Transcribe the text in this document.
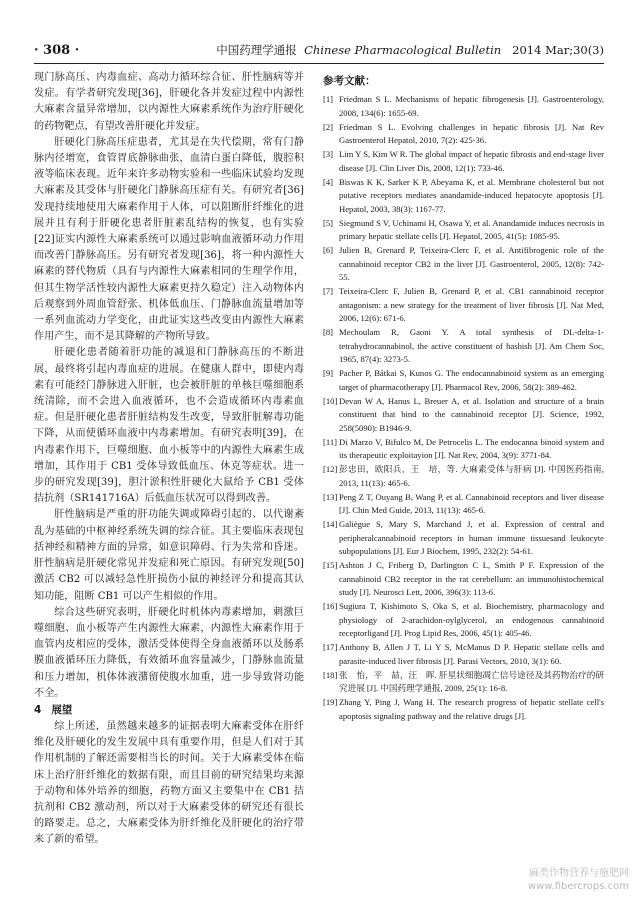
· 308 ·	中国药理学通报 Chinese Pharmacological Bulletin 2014 Mar;30(3)

现门脉高压、内毒血症、高动力循环综合征、肝性脑病等并发症。有学者研究发现[36]，肝硬化各并发症过程中内源性大麻素含量异常增加，以内源性大麻素系统作为治疗肝硬化的药物靶点，有望改善肝硬化并发症。

肝硬化门脉高压症患者，尤其是在失代偿期，常有门静脉内径增宽，食管胃底静脉曲张，血清白蛋白降低，腹腔积液等临床表现。近年来许多动物实验和一些临床试验均发现大麻素及其受体与肝硬化门静脉高压症有关。有研究者[36]发现持续地使用大麻素作用于人体，可以阻断肝纤维化的进展并且有利于肝硬化患者肝脏素乱结构的恢复，也有实验[22]证实内源性大麻素系统可以通过影响血液循环动力作用而改善门静脉高压。另有研究者发现[36]，将一种内源性大麻素的替代物质（具有与内源性大麻素相同的生理学作用，但其生物学活性较内源性大麻素更持久稳定）注入动物体内后观察到外周血管舒张、机体低血压、门静脉血流量增加等一系列血流动力学变化，由此证实这些改变由内源性大麻素作用产生，而不是其降解的产物所导致。

肝硬化患者随着肝功能的减退和门静脉高压的不断进展，最终将引起内毒血症的进展。在健康人群中，即使内毒素有可能经门静脉进入肝脏，也会被肝脏的单核巨噬细胞系统清除，而不会进入血液循环，也不会造成循环内毒素血症。但是肝硬化患者肝脏结构发生改变，导致肝脏解毒功能下降，从而使循环血液中内毒素增加。有研究表明[39]，在内毒素作用下，巨噬细胞、血小板等中的内源性大麻素生成增加，其作用于 CB1 受体导致低血压、休克等症状。进一步的研究发现[39]，胆汁淤积性肝硬化大鼠给予 CB1 受体拮抗剂（SR141716A）后低血压状况可以得到改善。

肝性脑病是严重的肝功能失调或障碍引起的、以代谢紊乱为基础的中枢神经系统失调的综合征。其主要临床表现包括神经和精神方面的异常，如意识障碍、行为失常和昏迷。肝性脑病是肝硬化常见并发症和死亡原因。有研究发现[50]激活 CB2 可以减轻急性肝损伤小鼠的神经评分和提高其认知功能，阻断 CB1 可以产生相似的作用。

综合这些研究表明，肝硬化时机体内毒素增加，刺激巨噬细胞、血小板等产生内源性大麻素，内源性大麻素作用于血管内皮相应的受体，激活受体使得全身血液循环以及肠系膜血液循环压力降低，有效循环血容量减少，门静脉血流量和压力增加，机体体液潴留使腹水加重，进一步导致肾功能不全。

4 展望

综上所述，虽然越来越多的证据表明大麻素受体在肝纤维化及肝硬化的发生发展中具有重要作用，但是人们对于其作用机制的了解还需要相当长的时间。关于大麻素受体在临床上治疗肝纤维化的数据有限，而且目前的研究结果均来源于动物和体外培养的细胞，药物方面又主要集中在 CB1 拮抗剂和 CB2 激动剂，所以对于大麻素受体的研究还有很长的路要走。总之，大麻素受体为肝纤维化及肝硬化的治疗带来了新的希望。

参考文献：
[1] Friedman S L. Mechanisms of hepatic fibrogenesis [J]. Gastroenterology, 2008, 134(6): 1655-69.
[2] Friedman S L. Evolving challenges in hepatic fibrosis [J]. Nat Rev Gastroenterol Hepatol, 2010, 7(2): 425-36.
[3] Lim Y S, Kim W R. The global impact of hepatic fibrosis and end-stage liver disease [J]. Clin Liver Dis, 2008, 12(1): 733-46.
[4] Biswas K K, Sarker K P, Abeyama K, et al. Membrane cholesterol but not putative receptors mediates anandamide-induced hepatocyte apoptosis [J]. Hepatol, 2003, 38(3): 1167-77.
[5] Siegmund S V, Uchinami H, Osawa Y, et al. Anandamide induces necrosis in primary hepatic stellate cells [J]. Hepatol, 2005, 41(5): 1085-95.
[6] Julien B, Grenard P, Teixeira-Clerc F, et al. Antifibrogenic role of the cannabinoid receptor CB2 in the liver [J]. Gastroenterol, 2005, 12(8): 742-55.
[7] Teixeira-Clerc F, Julien B, Grenard P, et al. CB1 cannabinoid receptor antagonism: a new strategy for the treatment of liver fibrosis [J]. Nat Med, 2006, 12(6): 671-6.
[8] Mechoulam R, Gaoni Y. A total synthesis of DL-delta-1-tetrahydrocannabinol, the active constituent of hashish [J]. Am Chem Soc, 1965, 87(4): 3273-5.
[9] Pacher P, Bátkai S, Kunos G. The endocannabinoid system as an emerging target of pharmacotherapy [J]. Pharmacol Rev, 2006, 58(2): 389-462.
[10] Devan W A, Hanus L, Breuer A, et al. Isolation and structure of a brain constituent that bind to the cannabinoid receptor [J]. Science, 1992, 258(5090): B1946-9.
[11] Di Marzo V, Bifulco M, De Petrocelis L. The endocanna binoid system and its therapeutic exploitayion [J]. Nat Rev, 2004, 3(9): 3771-84.
[12] 彭忠田，欧阳兵，王　培，等. 大麻素受体与肝病 [J]. 中国医药指南, 2013, 11(13): 465-6.
[13] Peng Z T, Ouyang B, Wang P, et al. Cannabinoid receptors and liver disease [J]. Chin Med Guide, 2013, 11(13): 465-6.
[14] Galiègue S, Mary S, Marchand J, et al. Expression of central and peripheralcannabinoid receptors in human immune tissuesand leukocyte subpopulations [J]. Eur J Biochem, 1995, 232(2): 54-61.
[15] Ashton J C, Friberg D, Darlington C L, Smith P F. Expression of the cannabinoid CB2 receptor in the rat cerebellum: an immunohistochemical study [J]. Neurosci Lett, 2006, 396(3): 113-6.
[16] Sugiura T, Kishimoto S, Oka S, et al. Biochemistry, pharmacology and physiology of 2-arachidon-oylglycerol, an endogenous cannabinoid receptorligand [J]. Prog Lipid Res, 2006, 45(1): 405-46.
[17] Anthony B, Allen J T, Li Y S, McManus D P. Hepatic stellate cells and parasite-induced liver fibrosis [J]. Parasi Vectors, 2010, 3(1): 60.
[18] 张　怡，平　喆，汪　晖. 肝星状细胞凋亡信号途径及其药物治疗的研究进展 [J]. 中国药理学通报, 2009, 25(1): 16-8.
[19] Zhang Y, Ping J, Wang H. The research progress of hepatic stellate cell's apoptosis signaling pathway and the relative drugs [J].
麻类作物营养与施肥网
www.fibercrops.com
